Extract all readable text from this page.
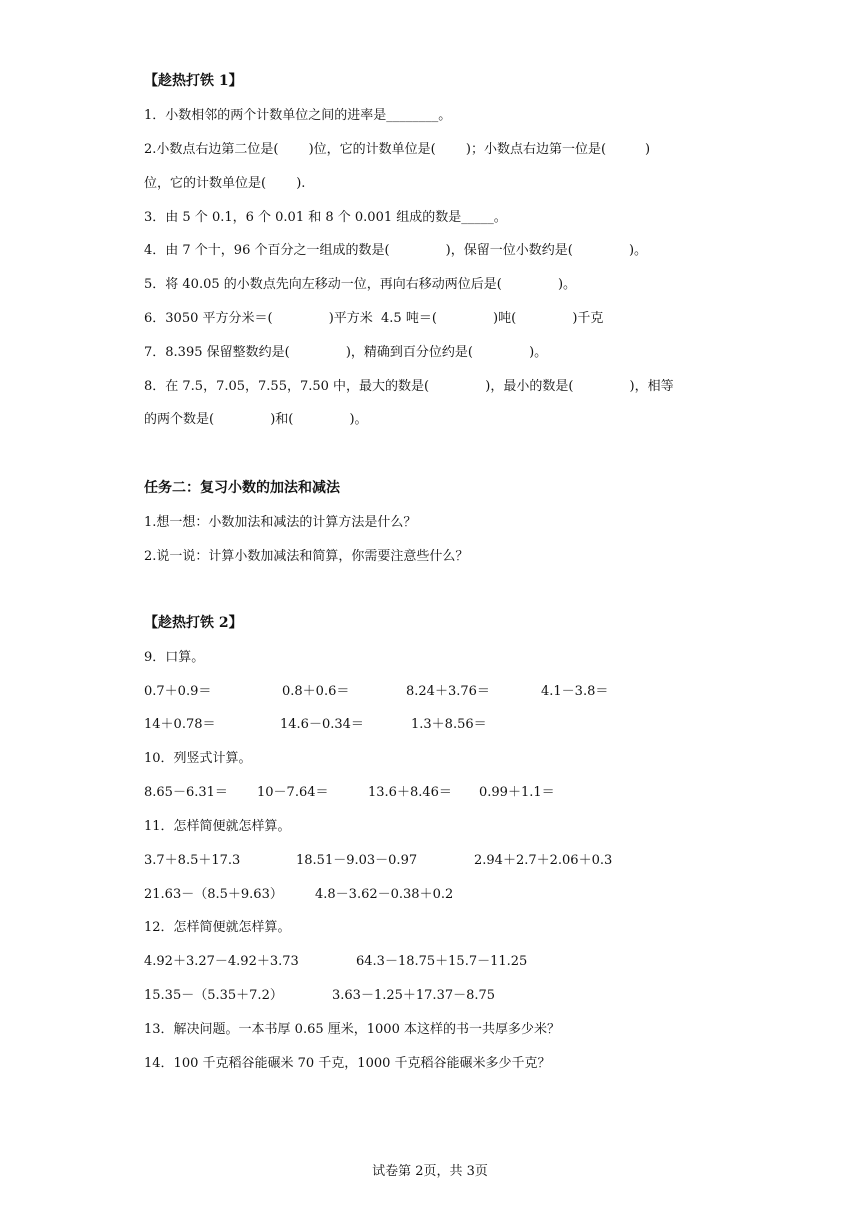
【趁热打铁 1】
1．小数相邻的两个计数单位之间的进率是________。
2.小数点右边第二位是(　　 )位，它的计数单位是(　　 )；小数点右边第一位是(　　　)
位，它的计数单位是(　　 ).
3．由 5 个 0.1，6 个 0.01 和 8 个 0.001 组成的数是_____。
4．由 7 个十，96 个百分之一组成的数是(　　　　 )，保留一位小数约是(　　　　 )。
5．将 40.05 的小数点先向左移动一位，再向右移动两位后是(　　　　 )。
6．3050 平方分米＝(　　　　 )平方米  4.5 吨＝(　　　　 )吨(　　　　 )千克
7．8.395 保留整数约是(　　　　 )，精确到百分位约是(　　　　 )。
8．在 7.5，7.05，7.55，7.50 中，最大的数是(　　　　 )，最小的数是(　　　　 )，相等
的两个数是(　　　　 )和(　　　　 )。
任务二：复习小数的加法和减法
1.想一想：小数加法和减法的计算方法是什么？
2.说一说：计算小数加减法和简算，你需要注意些什么？
【趁热打铁 2】
9．口算。

0.7＋0.9＝

	0.8＋0.6＝

	8.24＋3.76＝

	4.1－3.8＝

14＋0.78＝

	14.6－0.34＝

	1.3＋8.56＝

10．列竖式计算。

8.65－6.31＝

10－7.64＝

	13.6＋8.46＝

0.99＋1.1＝

11．怎样简便就怎样算。

3.7＋8.5＋17.3

	18.51－9.03－0.97

	2.94＋2.7＋2.06＋0.3

21.63－（8.5＋9.63）

4.8－3.62－0.38＋0.2

12．怎样简便就怎样算。

4.92＋3.27－4.92＋3.73

	64.3－18.75＋15.7－11.25

15.35－（5.35＋7.2）

	3.63－1.25＋17.37－8.75

13．解决问题。一本书厚 0.65 厘米，1000 本这样的书一共厚多少米？
14．100 千克稻谷能碾米 70 千克，1000 千克稻谷能碾米多少千克？
试卷第 2页，共 3页
